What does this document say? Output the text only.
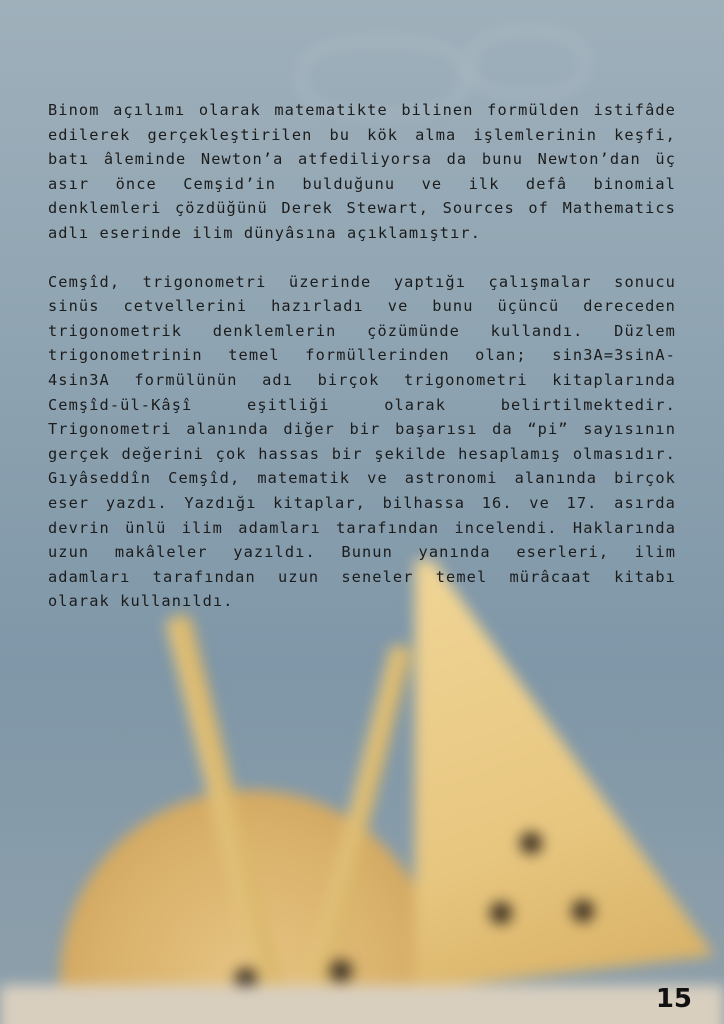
Binom açılımı olarak matematikte bilinen formülden istifâde edilerek gerçekleştirilen bu kök alma işlemlerinin keşfi, batı âleminde Newton’a atfediliyorsa da bunu Newton’dan üç asır önce Cemşid’in bulduğunu ve ilk defâ binomial denklemleri çözdüğünü Derek Stewart, Sources of Mathematics adlı eserinde ilim dünyâsına açıklamıştır.

Cemşîd, trigonometri üzerinde yaptığı çalışmalar sonucu sinüs cetvellerini hazırladı ve bunu üçüncü dereceden trigonometrik denklemlerin çözümünde kullandı. Düzlem trigonometrinin temel formüllerinden olan; sin3A=3sinA-4sin3A formülünün adı birçok trigonometri kitaplarında Cemşîd-ül-Kâşî eşitliği olarak belirtilmektedir. Trigonometri alanında diğer bir başarısı da “pi” sayısının gerçek değerini çok hassas bir şekilde hesaplamış olmasıdır. Gıyâseddîn Cemşîd, matematik ve astronomi alanında birçok eser yazdı. Yazdığı kitaplar, bilhassa 16. ve 17. asırda devrin ünlü ilim adamları tarafından incelendi. Haklarında uzun makâleler yazıldı. Bunun yanında eserleri, ilim adamları tarafından uzun seneler temel mürâcaat kitabı olarak kullanıldı.

15
